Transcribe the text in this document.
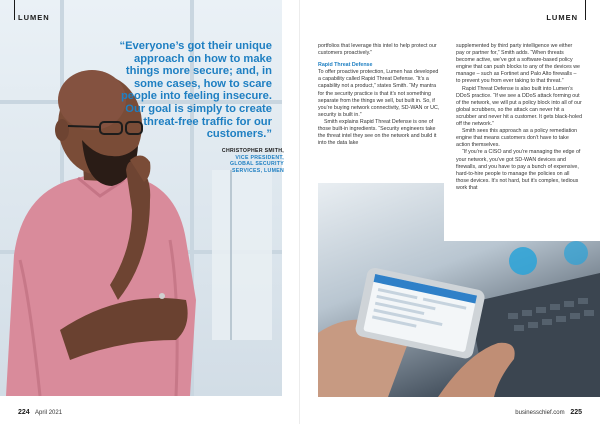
LUMEN
“Everyone’s got their unique approach on how to make things more secure; and, in some cases, how to scare people into feeling insecure. Our goal is simply to create threat-free traffic for our customers.”
CHRISTOPHER SMITH,
VICE PRESIDENT,
GLOBAL SECURITY
SERVICES, LUMEN
224 April 2021
LUMEN

portfolios that leverage this intel to help protect our customers proactively.”

Rapid Threat Defense

To offer proactive protection, Lumen has developed a capability called Rapid Threat Defense. “It’s a capability not a product,” states Smith. “My mantra for the security practice is that it’s not something separate from the things we sell, but built in. So, if you’re buying network connectivity, SD-WAN or UC, security is built in.”

Smith explains Rapid Threat Defense is one of those built-in ingredients. “Security engineers take the threat intel they see on the network and build it into the data lake

supplemented by third party intelligence we either pay or partner for,” Smith adds. “When threats become active, we’ve got a software-based policy engine that can push blocks to any of the devices we manage – such as Fortinet and Palo Alto firewalls – to prevent you from ever taking to that threat.”

Rapid Threat Defense is also built into Lumen’s DDoS practice. “If we see a DDoS attack forming out of the network, we will put a policy block into all of our global scrubbers, so the attack can never hit a scrubber and never hit a customer. It gets black-holed off the network.”

Smith sees this approach as a policy remediation engine that means customers don’t have to take action themselves.

“If you’re a CISO and you’re managing the edge of your network, you’ve got SD-WAN devices and firewalls, and you have to pay a bunch of expensive, hard-to-hire people to manage the policies on all those devices. It’s not hard, but it’s complex, tedious work that

businesschief.com 225
